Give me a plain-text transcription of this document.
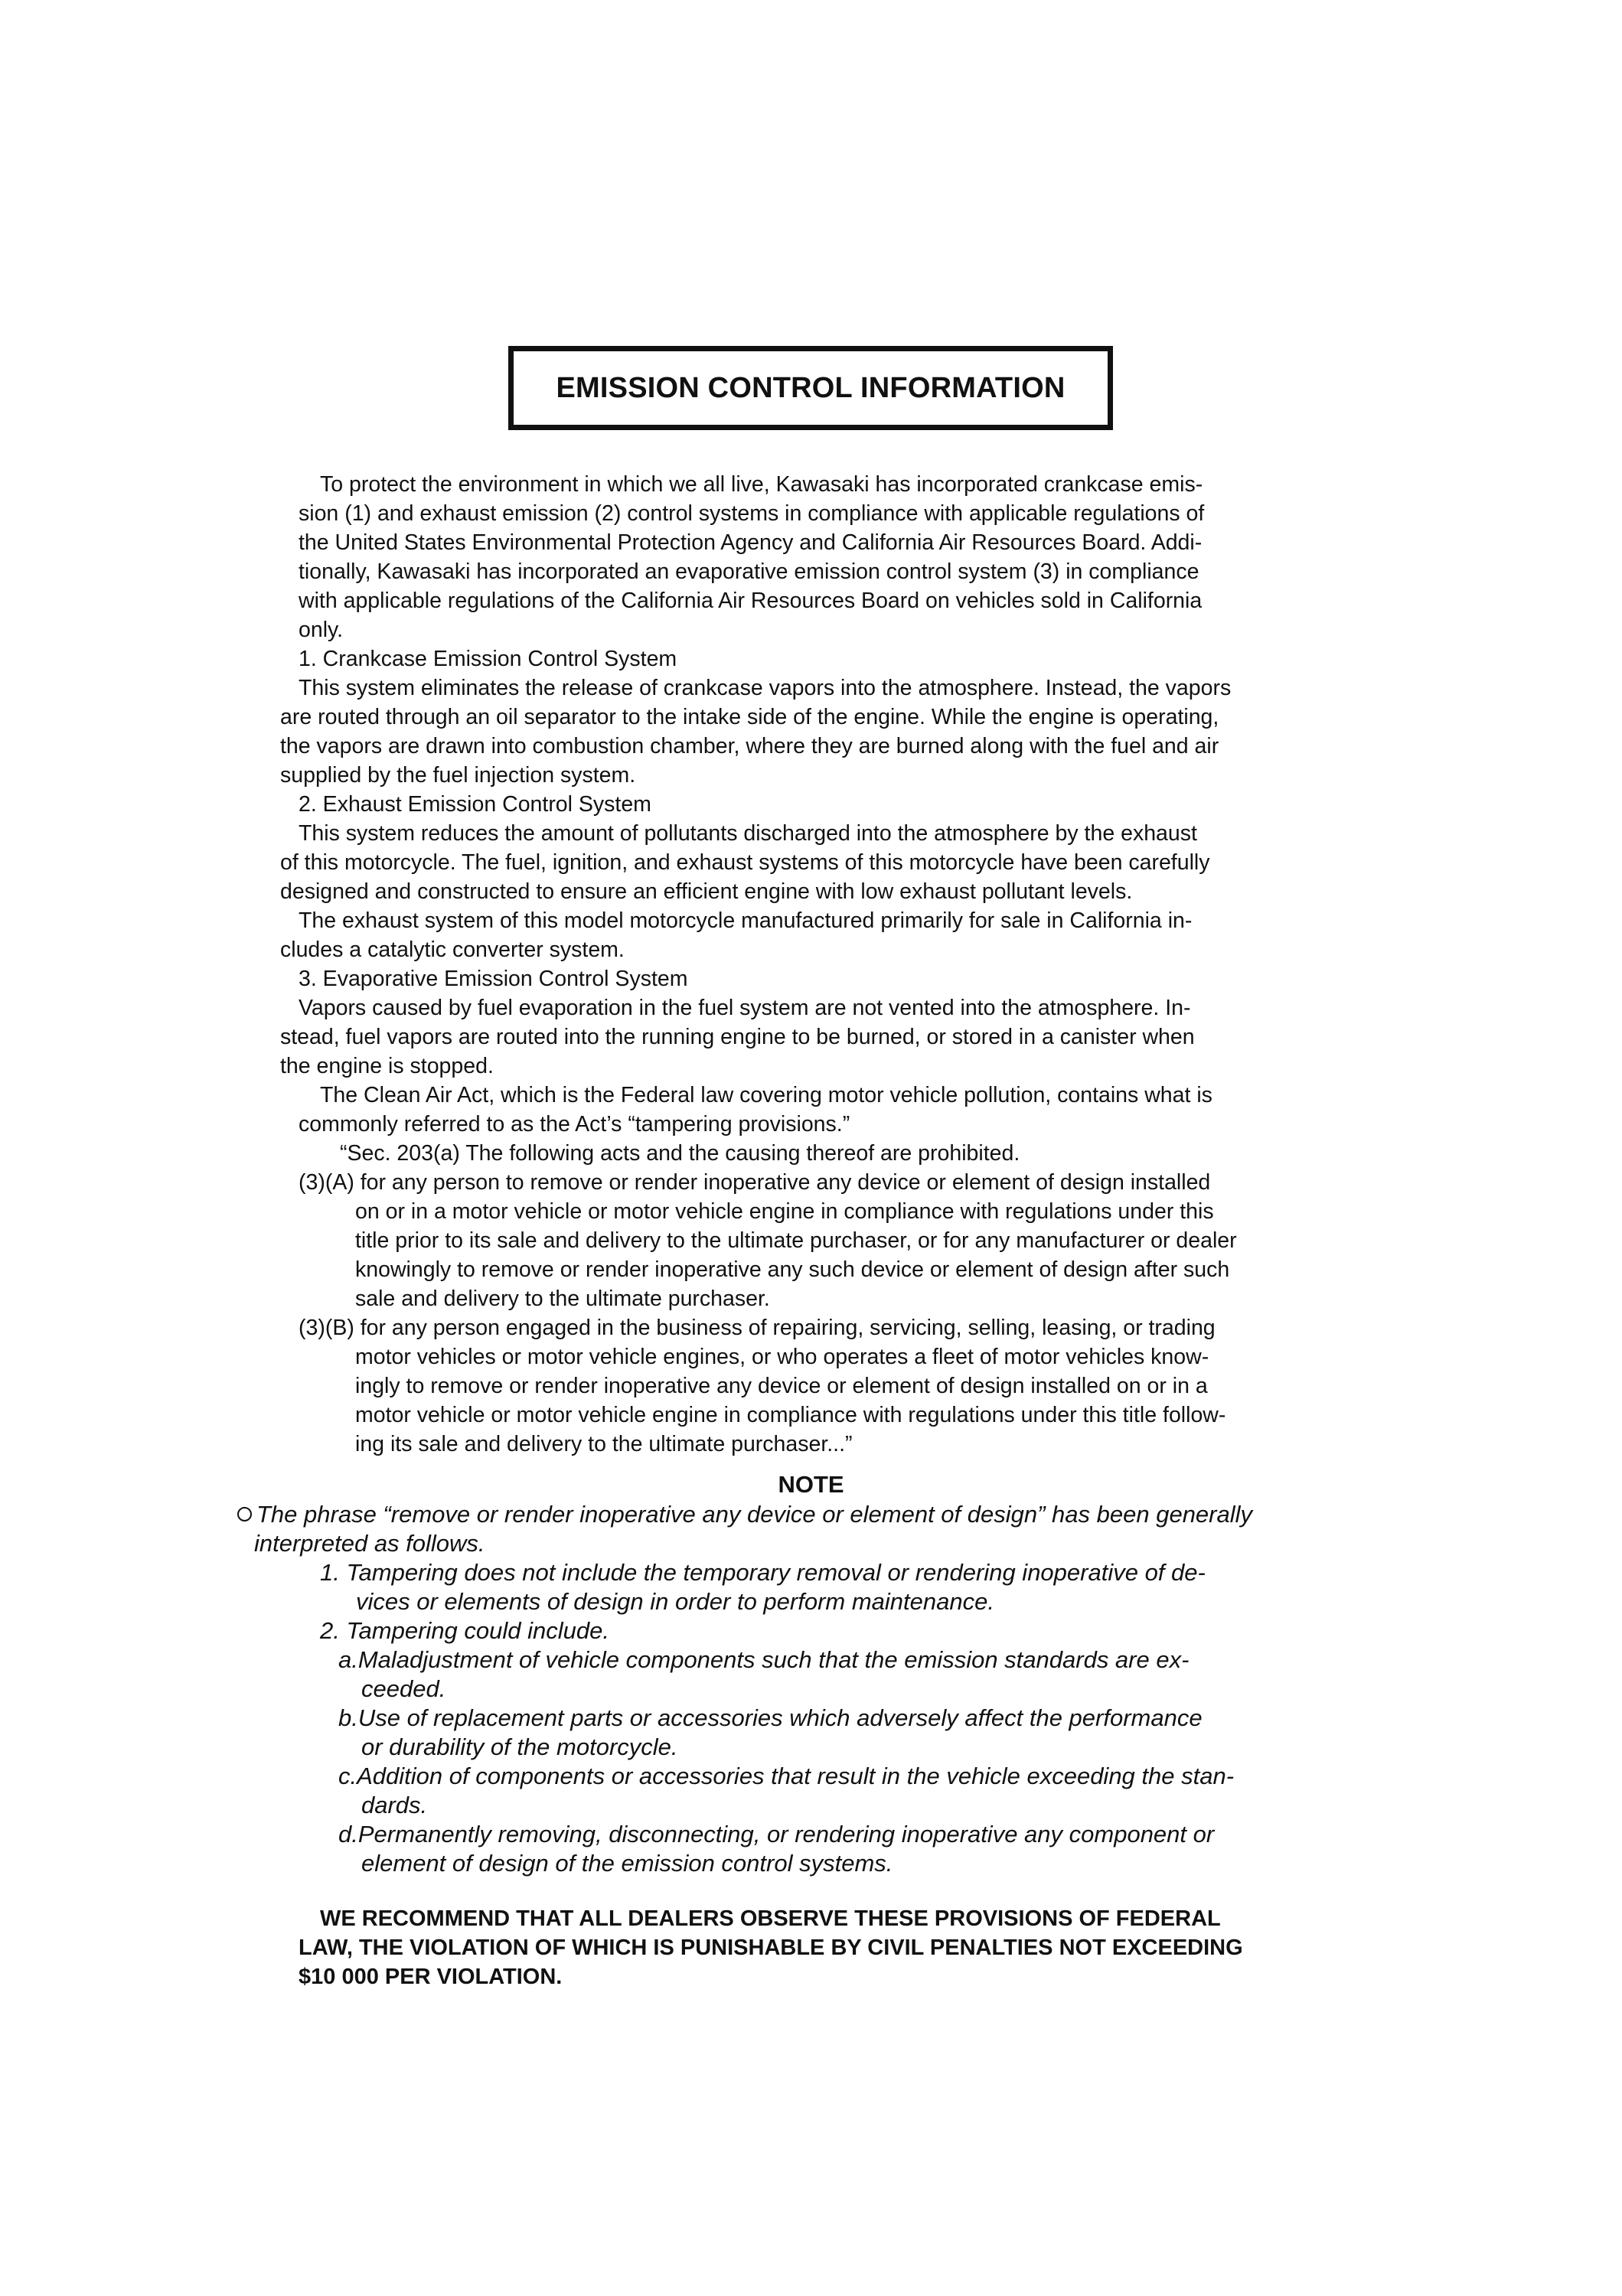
EMISSION CONTROL INFORMATION
To protect the environment in which we all live, Kawasaki has incorporated crankcase emis-
sion (1) and exhaust emission (2) control systems in compliance with applicable regulations of
the United States Environmental Protection Agency and California Air Resources Board. Addi-
tionally, Kawasaki has incorporated an evaporative emission control system (3) in compliance
with applicable regulations of the California Air Resources Board on vehicles sold in California
only.
1. Crankcase Emission Control System
This system eliminates the release of crankcase vapors into the atmosphere. Instead, the vapors
are routed through an oil separator to the intake side of the engine. While the engine is operating,
the vapors are drawn into combustion chamber, where they are burned along with the fuel and air
supplied by the fuel injection system.
2. Exhaust Emission Control System
This system reduces the amount of pollutants discharged into the atmosphere by the exhaust
of this motorcycle. The fuel, ignition, and exhaust systems of this motorcycle have been carefully
designed and constructed to ensure an efficient engine with low exhaust pollutant levels.
The exhaust system of this model motorcycle manufactured primarily for sale in California in-
cludes a catalytic converter system.
3. Evaporative Emission Control System
Vapors caused by fuel evaporation in the fuel system are not vented into the atmosphere. In-
stead, fuel vapors are routed into the running engine to be burned, or stored in a canister when
the engine is stopped.
The Clean Air Act, which is the Federal law covering motor vehicle pollution, contains what is
commonly referred to as the Act’s “tampering provisions.”
“Sec. 203(a) The following acts and the causing thereof are prohibited.
(3)(A) for any person to remove or render inoperative any device or element of design installed
on or in a motor vehicle or motor vehicle engine in compliance with regulations under this
title prior to its sale and delivery to the ultimate purchaser, or for any manufacturer or dealer
knowingly to remove or render inoperative any such device or element of design after such
sale and delivery to the ultimate purchaser.
(3)(B) for any person engaged in the business of repairing, servicing, selling, leasing, or trading
motor vehicles or motor vehicle engines, or who operates a fleet of motor vehicles know-
ingly to remove or render inoperative any device or element of design installed on or in a
motor vehicle or motor vehicle engine in compliance with regulations under this title follow-
ing its sale and delivery to the ultimate purchaser...”
NOTE
The phrase “remove or render inoperative any device or element of design” has been generally
interpreted as follows.
1. Tampering does not include the temporary removal or rendering inoperative of de-
vices or elements of design in order to perform maintenance.
2. Tampering could include.
a.Maladjustment of vehicle components such that the emission standards are ex-
ceeded.
b.Use of replacement parts or accessories which adversely affect the performance
or durability of the motorcycle.
c.Addition of components or accessories that result in the vehicle exceeding the stan-
dards.
d.Permanently removing, disconnecting, or rendering inoperative any component or
element of design of the emission control systems.
WE RECOMMEND THAT ALL DEALERS OBSERVE THESE PROVISIONS OF FEDERAL
LAW, THE VIOLATION OF WHICH IS PUNISHABLE BY CIVIL PENALTIES NOT EXCEEDING
$10 000 PER VIOLATION.
